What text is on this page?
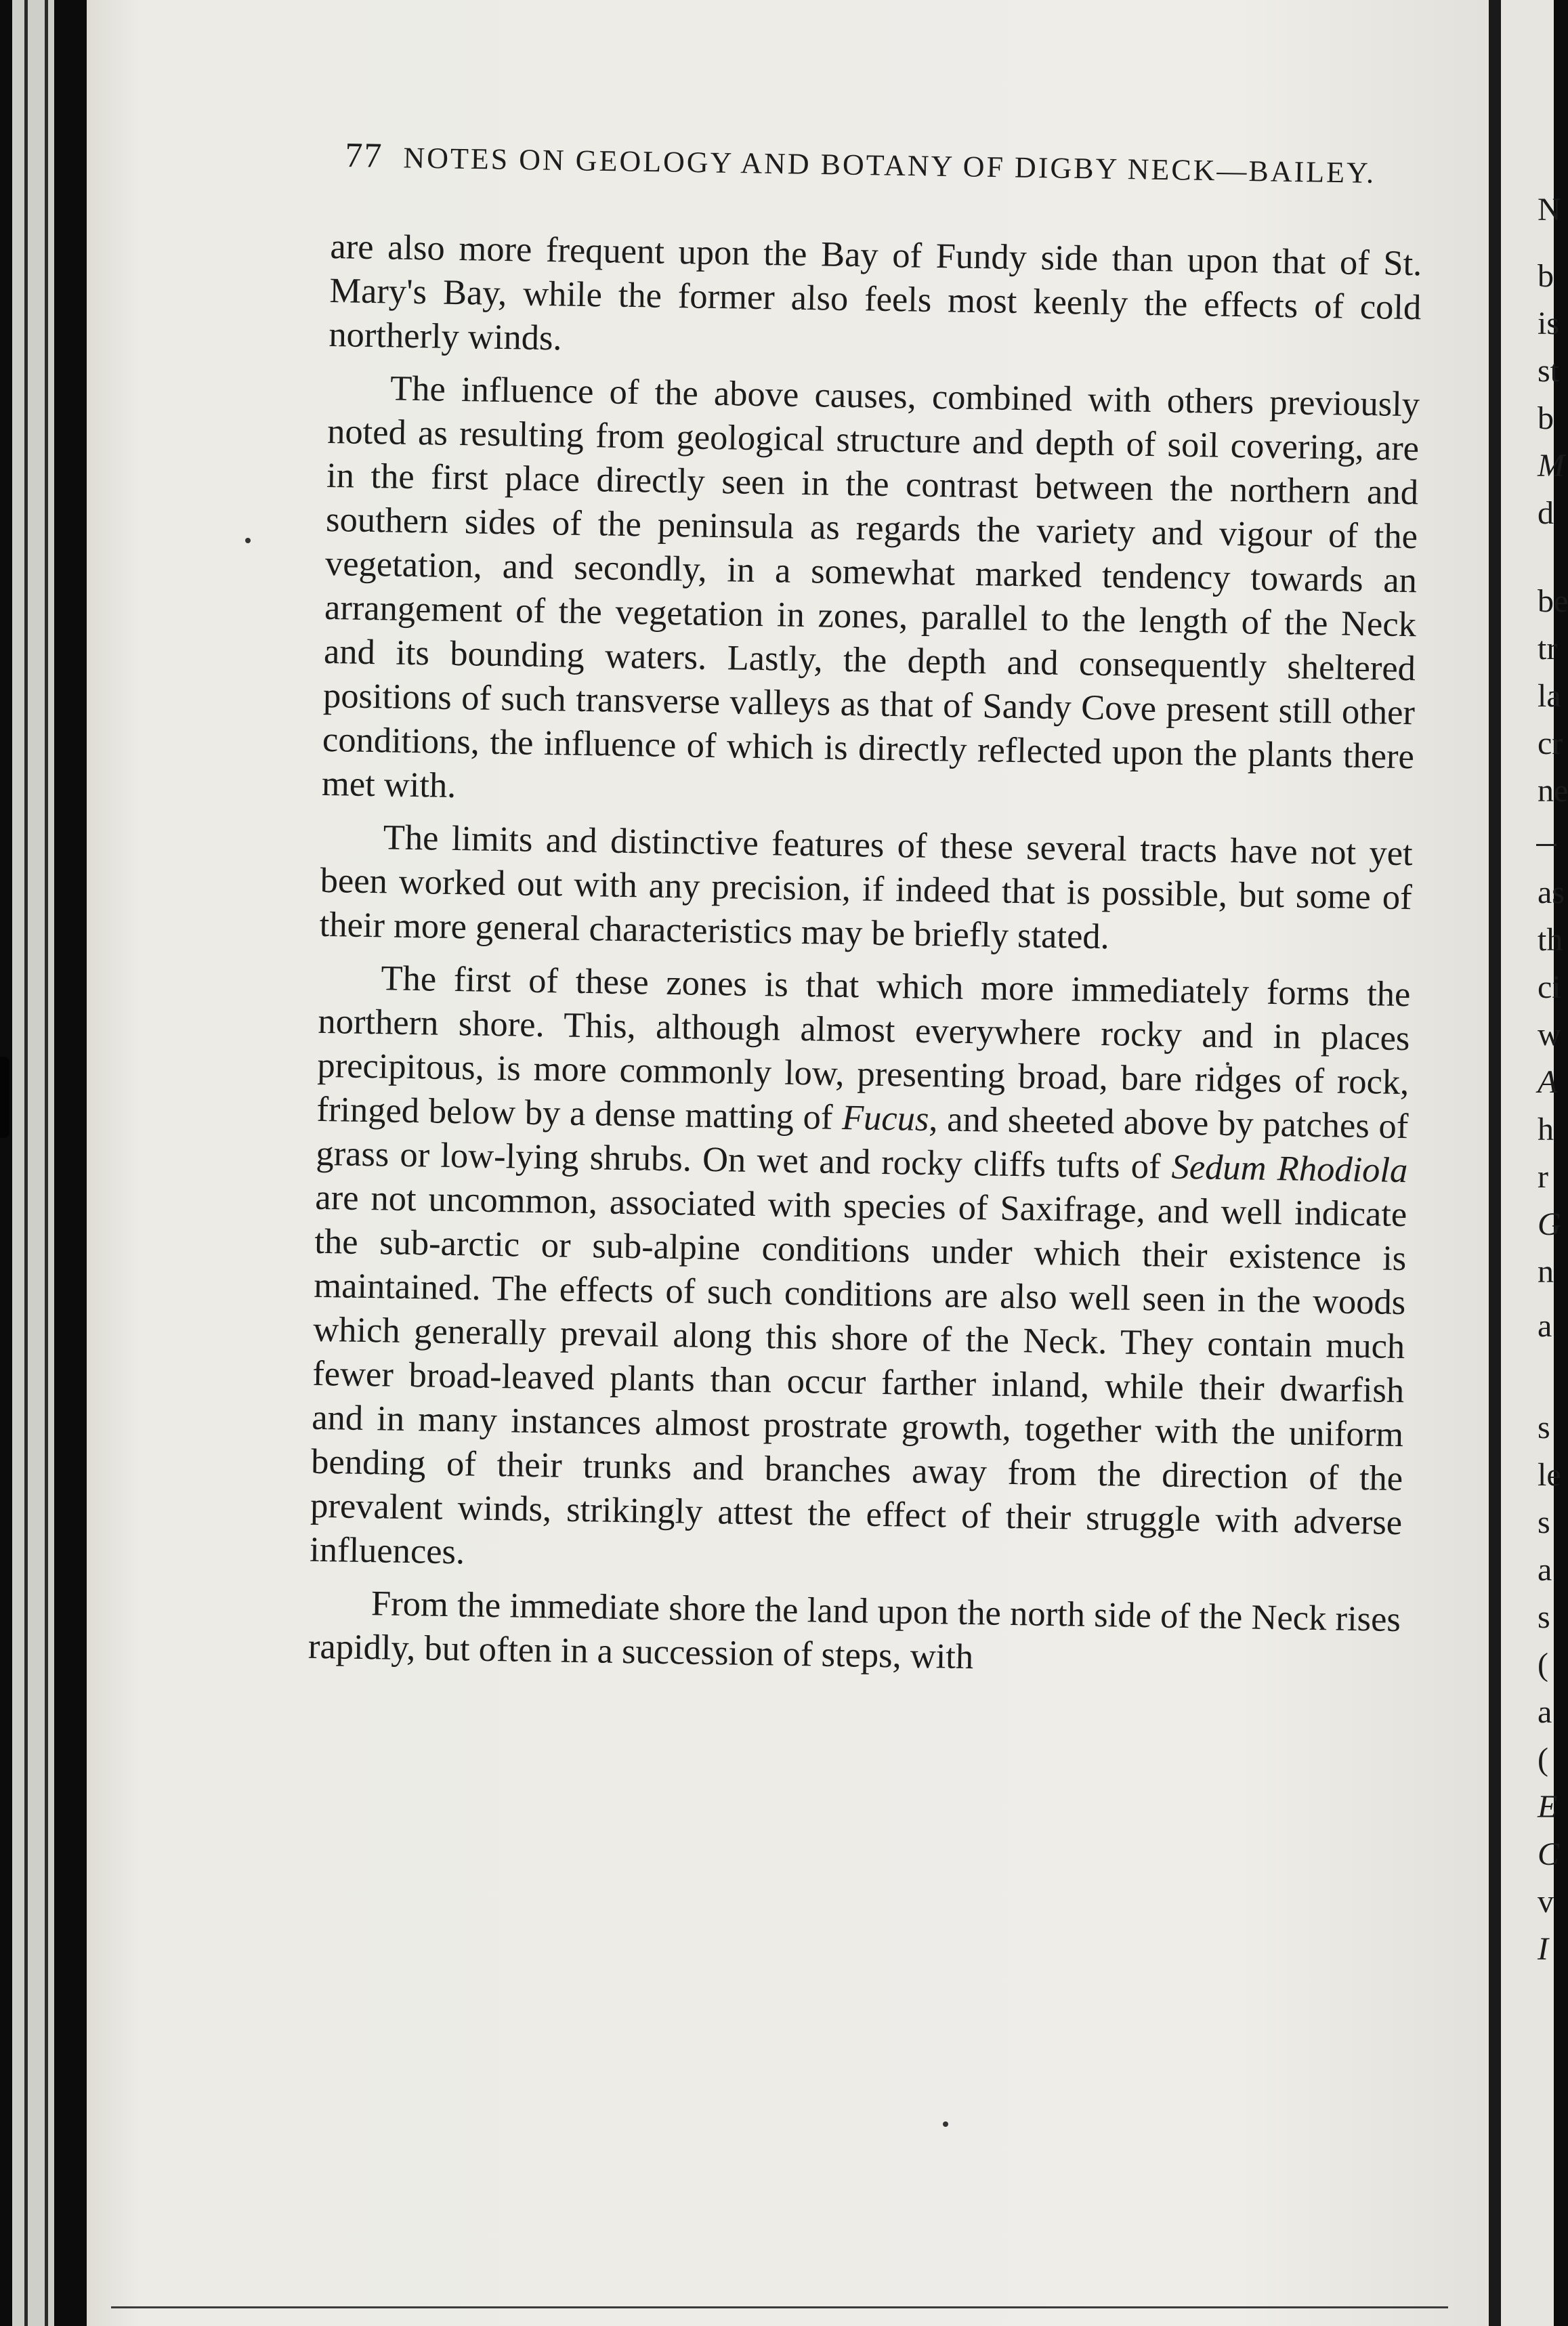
77 NOTES ON GEOLOGY AND BOTANY OF DIGBY NECK—BAILEY.

are also more frequent upon the Bay of Fundy side than upon that of St. Mary's Bay, while the former also feels most keenly the effects of cold northerly winds.

The influence of the above causes, combined with others previously noted as resulting from geological structure and depth of soil covering, are in the first place directly seen in the contrast between the northern and southern sides of the peninsula as regards the variety and vigour of the vegetation, and secondly, in a somewhat marked tendency towards an arrangement of the vegetation in zones, parallel to the length of the Neck and its bounding waters. Lastly, the depth and consequently sheltered positions of such transverse valleys as that of Sandy Cove present still other conditions, the influence of which is directly reflected upon the plants there met with.

The limits and distinctive features of these several tracts have not yet been worked out with any precision, if indeed that is possible, but some of their more general characteristics may be briefly stated.

The first of these zones is that which more immediately forms the northern shore. This, although almost everywhere rocky and in places precipitous, is more commonly low, presenting broad, bare ridges of rock, fringed below by a dense matting of Fucus, and sheeted above by patches of grass or low-lying shrubs. On wet and rocky cliffs tufts of Sedum Rhodiola are not uncommon, associated with species of Saxifrage, and well indicate the sub-arctic or sub-alpine conditions under which their existence is maintained. The effects of such conditions are also well seen in the woods which generally prevail along this shore of the Neck. They contain much fewer broad-leaved plants than occur farther inland, while their dwarfish and in many instances almost prostrate growth, together with the uniform bending of their trunks and branches away from the direction of the prevalent winds, strikingly attest the effect of their struggle with adverse influences.

From the immediate shore the land upon the north side of the Neck rises rapidly, but often in a succession of steps, with

N
b
is
st
b
M
d
be
tr
la
cr
ne
as
th
ci
w
A
h
r
G
n
a
s
le
s
a
s
(
a
(
E
C
v
I
